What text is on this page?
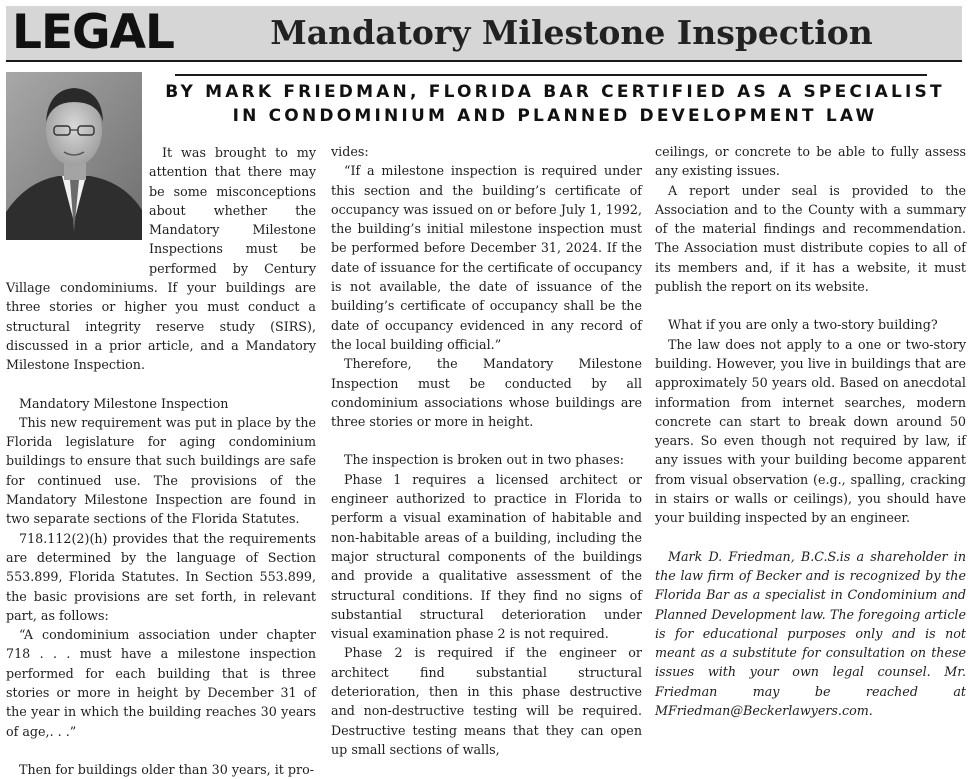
LEGAL	Mandatory Milestone Inspection
BY MARK FRIEDMAN, FLORIDA BAR CERTIFIED AS A SPECIALIST
IN CONDOMINIUM AND PLANNED DEVELOPMENT LAW

It was brought to my attention that there may be some misconceptions about whether the Mandatory Milestone Inspections must be performed by Century Village condominiums. If your buildings are three stories or higher you must conduct a structural integrity reserve study (SIRS), discussed in a prior article, and a Mandatory Milestone Inspection.

Mandatory Milestone Inspection

This new requirement was put in place by the Florida legislature for aging condominium buildings to ensure that such buildings are safe for continued use. The provisions of the Mandatory Milestone Inspection are found in two separate sections of the Florida Statutes.

718.112(2)(h) provides that the requirements are determined by the language of Section 553.899, Florida Statutes. In Section 553.899, the basic provisions are set forth, in relevant part, as follows:

“A condominium association under chapter 718 . . . must have a milestone inspection performed for each building that is three stories or more in height by December 31 of the year in which the building reaches 30 years of age,. . .”

Then for buildings older than 30 years, it pro-

vides:

“If a milestone inspection is required under this section and the building’s certificate of occupancy was issued on or before July 1, 1992, the building’s initial milestone inspection must be performed before December 31, 2024. If the date of issuance for the certificate of occupancy is not available, the date of issuance of the building’s certificate of occupancy shall be the date of occupancy evidenced in any record of the local building official.”

Therefore, the Mandatory Milestone Inspection must be conducted by all condominium associations whose buildings are three stories or more in height.

The inspection is broken out in two phases:

Phase 1 requires a licensed architect or engineer authorized to practice in Florida to perform a visual examination of habitable and non-habitable areas of a building, including the major structural components of the buildings and provide a qualitative assessment of the structural conditions. If they find no signs of substantial structural deterioration under visual examination phase 2 is not required.

Phase 2 is required if the engineer or architect find substantial structural deterioration, then in this phase destructive and non-destructive testing will be required. Destructive testing means that they can open up small sections of walls,

ceilings, or concrete to be able to fully assess any existing issues.

A report under seal is provided to the Association and to the County with a summary of the material findings and recommendation. The Association must distribute copies to all of its members and, if it has a website, it must publish the report on its website.

What if you are only a two-story building?

The law does not apply to a one or two-story building. However, you live in buildings that are approximately 50 years old. Based on anecdotal information from internet searches, modern concrete can start to break down around 50 years. So even though not required by law, if any issues with your building become apparent from visual observation (e.g., spalling, cracking in stairs or walls or ceilings), you should have your building inspected by an engineer.

Mark D. Friedman, B.C.S.is a shareholder in the law firm of Becker and is recognized by the Florida Bar as a specialist in Condominium and Planned Development law. The foregoing article is for educational purposes only and is not meant as a substitute for consultation on these issues with your own legal counsel. Mr. Friedman may be reached at MFriedman@Beckerlawyers.com.
